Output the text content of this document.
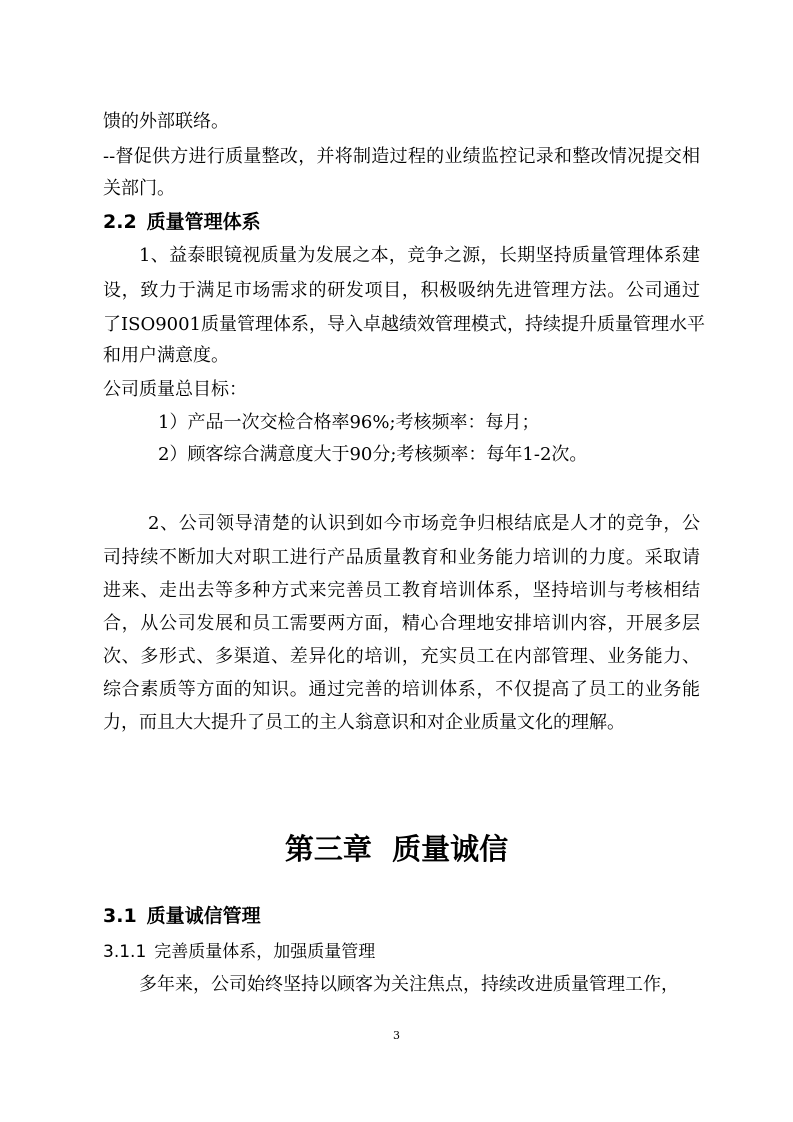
馈的外部联络。
--督促供方进行质量整改，并将制造过程的业绩监控记录和整改情况提交相
关部门。
2.2 质量管理体系
1、益泰眼镜视质量为发展之本，竞争之源，长期坚持质量管理体系建
设，致力于满足市场需求的研发项目，积极吸纳先进管理方法。公司通过
了ISO9001质量管理体系，导入卓越绩效管理模式，持续提升质量管理水平
和用户满意度。
公司质量总目标：
1）产品一次交检合格率96%;考核频率：每月；
2）顾客综合满意度大于90分;考核频率：每年1-2次。
2、公司领导清楚的认识到如今市场竞争归根结底是人才的竞争，公
司持续不断加大对职工进行产品质量教育和业务能力培训的力度。采取请
进来、走出去等多种方式来完善员工教育培训体系，坚持培训与考核相结
合，从公司发展和员工需要两方面，精心合理地安排培训内容，开展多层
次、多形式、多渠道、差异化的培训，充实员工在内部管理、业务能力、
综合素质等方面的知识。通过完善的培训体系，不仅提高了员工的业务能
力，而且大大提升了员工的主人翁意识和对企业质量文化的理解。
第三章  质量诚信
3.1 质量诚信管理
3.1.1 完善质量体系，加强质量管理
多年来，公司始终坚持以顾客为关注焦点，持续改进质量管理工作，
3
